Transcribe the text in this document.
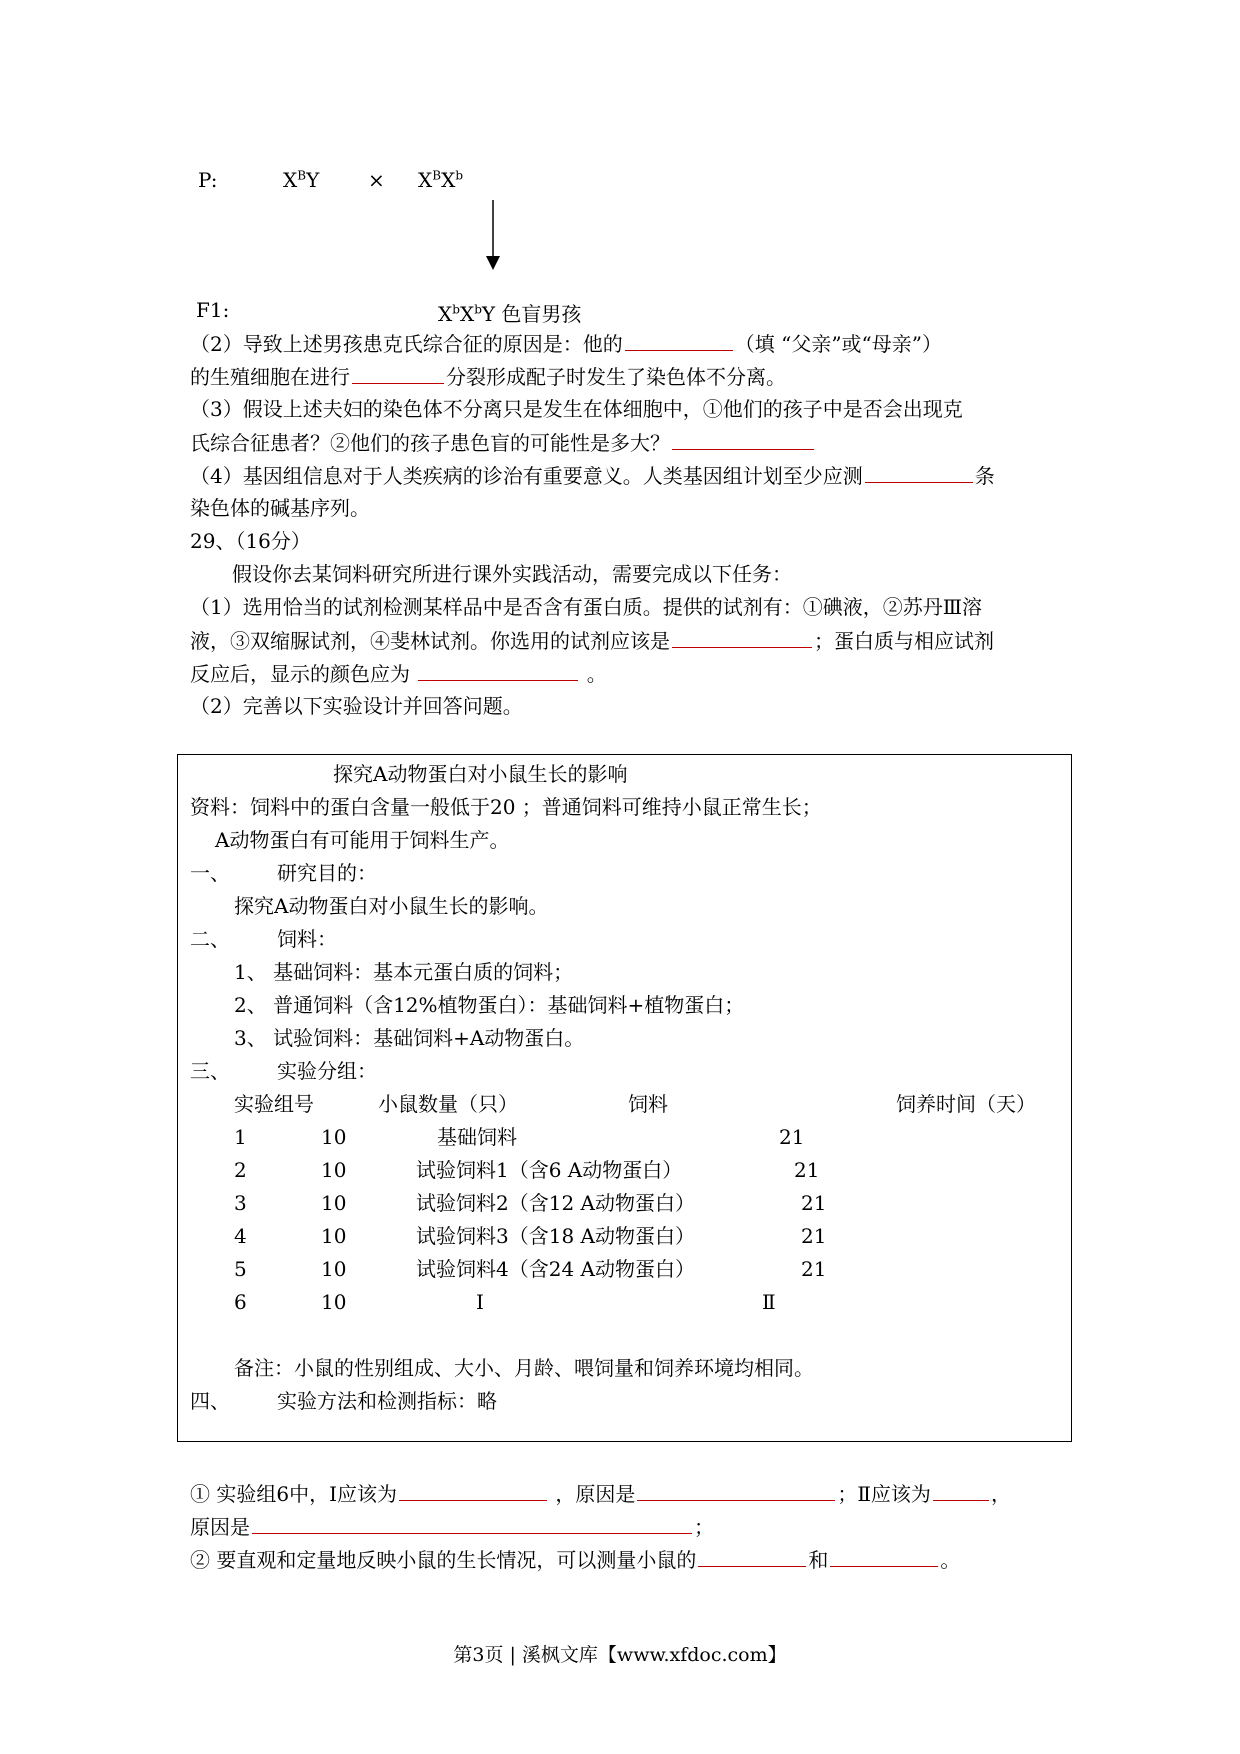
P:	$X^BY \times X^BX^b$
F1:	$X^bX^bY$ 色盲男孩
（2）导致上述男孩患克氏综合征的原因是：他的	（填 “父亲”或“母亲”）
的生殖细胞在进行	分裂形成配子时发生了染色体不分离。
（3）假设上述夫妇的染色体不分离只是发生在体细胞中，①他们的孩子中是否会出现克
氏综合征患者？②他们的孩子患色盲的可能性是多大？
（4）基因组信息对于人类疾病的诊治有重要意义。人类基因组计划至少应测	条
染色体的碱基序列。
29、（16分）
假设你去某饲料研究所进行课外实践活动，需要完成以下任务：
（1）选用恰当的试剂检测某样品中是否含有蛋白质。提供的试剂有：①碘液，②苏丹Ⅲ溶
液，③双缩脲试剂，④斐林试剂。你选用的试剂应该是	；蛋白质与相应试剂
反应后，显示的颜色应为	。
（2）完善以下实验设计并回答问题。
探究A动物蛋白对小鼠生长的影响
资料：饲料中的蛋白含量一般低于20 ；普通饲料可维持小鼠正常生长；
A动物蛋白有可能用于饲料生产。
一、 研究目的：
探究A动物蛋白对小鼠生长的影响。
二、 饲料：
1、 基础饲料：基本元蛋白质的饲料；
2、 普通饲料（含12%植物蛋白）：基础饲料+植物蛋白；
3、 试验饲料：基础饲料+A动物蛋白。
三、 实验分组：
实验组号	小鼠数量（只）	饲料	饲养时间（天）
1	10	基础饲料	21
2	10	试验饲料1（含6 A动物蛋白）	21
3	10	试验饲料2（含12 A动物蛋白）	21
4	10	试验饲料3（含18 A动物蛋白）	21
5	10	试验饲料4（含24 A动物蛋白）	21
6	10	Ⅰ	Ⅱ
备注：小鼠的性别组成、大小、月龄、喂饲量和饲养环境均相同。
四、 实验方法和检测指标：略
① 实验组6中，Ⅰ应该为	，原因是	；Ⅱ应该为	，
原因是	；
② 要直观和定量地反映小鼠的生长情况，可以测量小鼠的	和	。
第3页 | 溪枫文库【www.xfdoc.com】
